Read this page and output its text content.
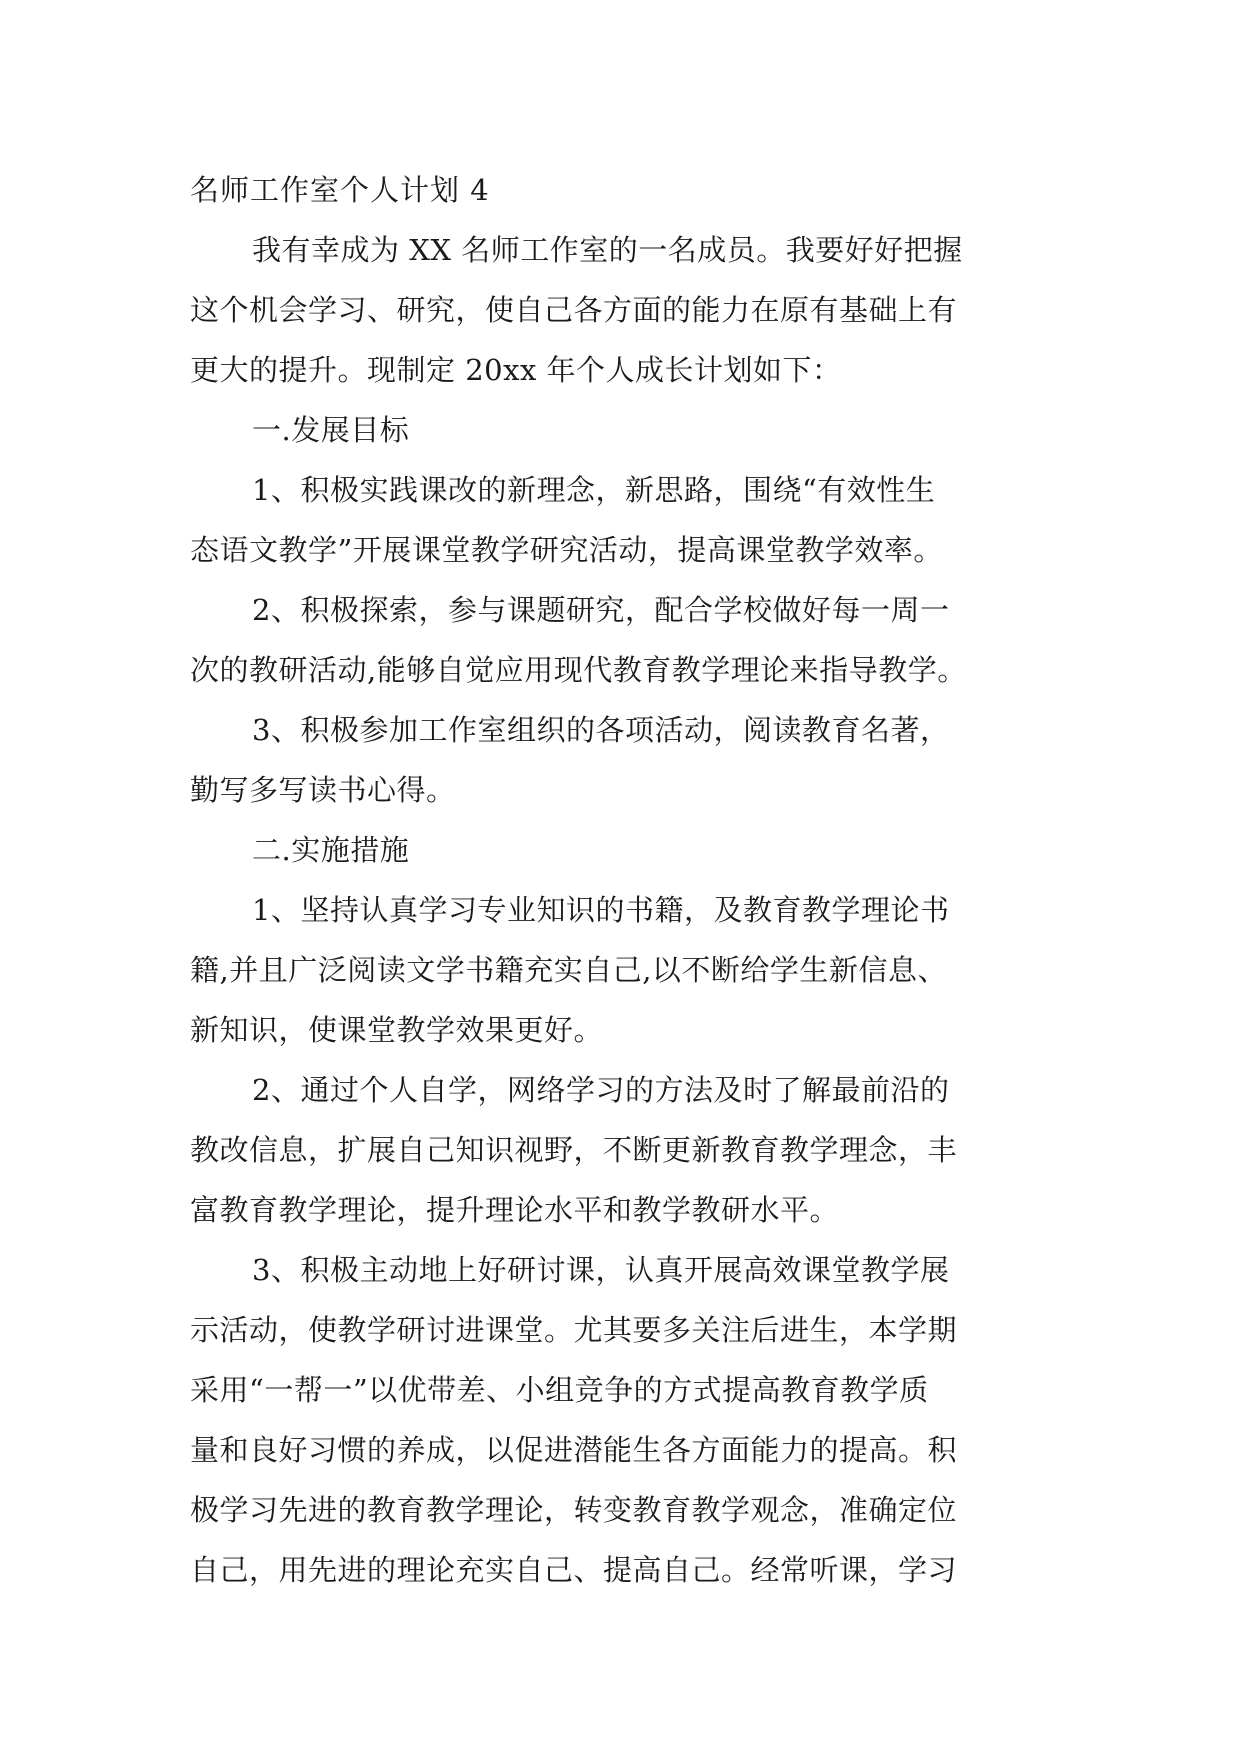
名师工作室个人计划 4
我有幸成为 XX 名师工作室的一名成员。我要好好把握
这个机会学习、研究，使自己各方面的能力在原有基础上有
更大的提升。现制定 20xx 年个人成长计划如下：
一.发展目标
1、积极实践课改的新理念，新思路，围绕“有效性生
态语文教学”开展课堂教学研究活动，提高课堂教学效率。
2、积极探索，参与课题研究，配合学校做好每一周一
次的教研活动,能够自觉应用现代教育教学理论来指导教学。
3、积极参加工作室组织的各项活动，阅读教育名著，
勤写多写读书心得。
二.实施措施
1、坚持认真学习专业知识的书籍，及教育教学理论书
籍,并且广泛阅读文学书籍充实自己,以不断给学生新信息、
新知识，使课堂教学效果更好。
2、通过个人自学，网络学习的方法及时了解最前沿的
教改信息，扩展自己知识视野，不断更新教育教学理念，丰
富教育教学理论，提升理论水平和教学教研水平。
3、积极主动地上好研讨课，认真开展高效课堂教学展
示活动，使教学研讨进课堂。尤其要多关注后进生，本学期
采用“一帮一”以优带差、小组竞争的方式提高教育教学质
量和良好习惯的养成，以促进潜能生各方面能力的提高。积
极学习先进的教育教学理论，转变教育教学观念，准确定位
自己，用先进的理论充实自己、提高自己。经常听课，学习
